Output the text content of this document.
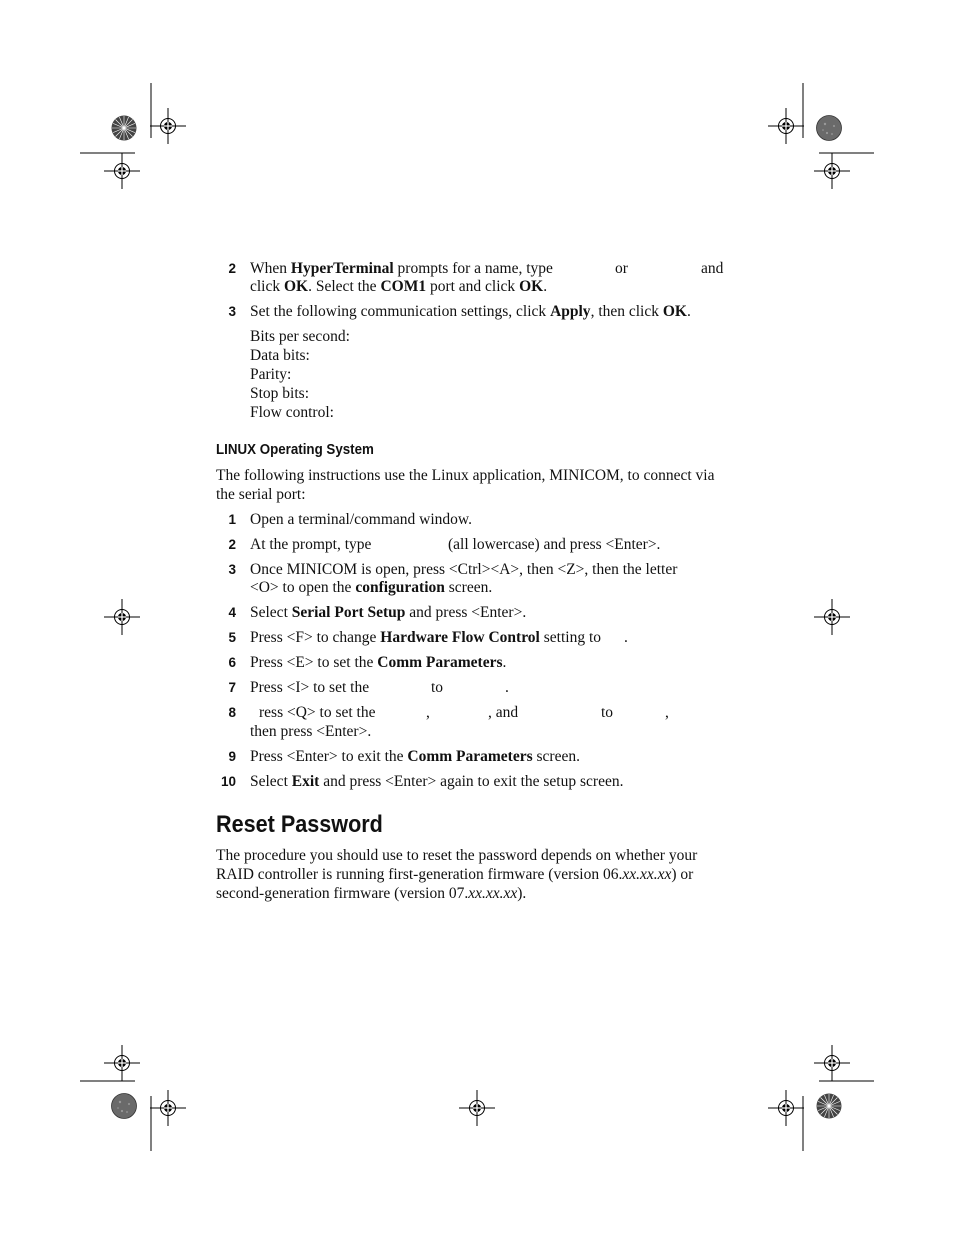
2 When HyperTerminal prompts for a name, type	or	and
click OK. Select the COM1 port and click OK.
3 Set the following communication settings, click Apply, then click OK.
Bits per second:
Data bits:
Parity:
Stop bits:
Flow control:
LINUX Operating System
The following instructions use the Linux application, MINICOM, to connect via
the serial port:
1 Open a terminal/command window.
2 At the prompt, type	(all lowercase) and press <Enter>.
3 Once MINICOM is open, press <Ctrl><A>, then <Z>, then the letter
<O> to open the configuration screen.
4 Select Serial Port Setup and press <Enter>.
5 Press <F> to change Hardware Flow Control setting to .
6 Press <E> to set the Comm Parameters.
7 Press <I> to set the	to	.
8 ress <Q> to set the	,	, and	to	,
then press <Enter>.
9 Press <Enter> to exit the Comm Parameters screen.
10 Select Exit and press <Enter> again to exit the setup screen.
Reset Password
The procedure you should use to reset the password depends on whether your
RAID controller is running first-generation firmware (version 06.xx.xx.xx) or
second-generation firmware (version 07.xx.xx.xx).
